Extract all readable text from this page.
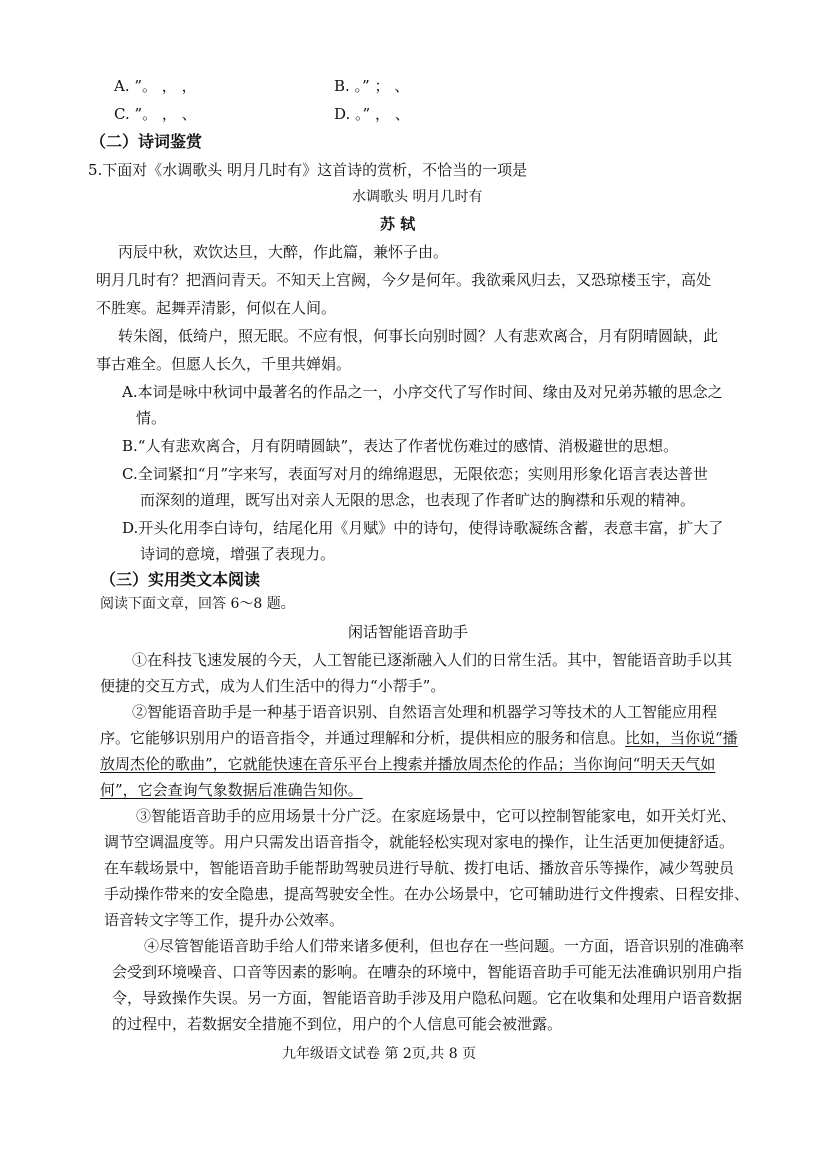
A. ”。 ， ，	B. 。” ； 、
C. ”。 ， 、	D. 。” ， 、
（二）诗词鉴赏
5.下面对《水调歌头 明月几时有》这首诗的赏析，不恰当的一项是
水调歌头 明月几时有
苏 轼
丙辰中秋，欢饮达旦，大醉，作此篇，兼怀子由。
明月几时有？把酒问青天。不知天上宫阙，今夕是何年。我欲乘风归去，又恐琼楼玉宇，高处
不胜寒。起舞弄清影，何似在人间。
转朱阁，低绮户，照无眠。不应有恨，何事长向别时圆？人有悲欢离合，月有阴晴圆缺，此
事古难全。但愿人长久，千里共婵娟。
A.本词是咏中秋词中最著名的作品之一，小序交代了写作时间、缘由及对兄弟苏辙的思念之
情。
B.“人有悲欢离合，月有阴晴圆缺”，表达了作者忧伤难过的感情、消极避世的思想。
C.全词紧扣“月”字来写，表面写对月的绵绵遐思，无限依恋；实则用形象化语言表达普世
而深刻的道理，既写出对亲人无限的思念，也表现了作者旷达的胸襟和乐观的精神。
D.开头化用李白诗句，结尾化用《月赋》中的诗句，使得诗歌凝练含蓄，表意丰富，扩大了
诗词的意境，增强了表现力。
（三）实用类文本阅读
阅读下面文章，回答 6～8 题。
闲话智能语音助手
①在科技飞速发展的今天，人工智能已逐渐融入人们的日常生活。其中，智能语音助手以其
便捷的交互方式，成为人们生活中的得力“小帮手”。
②智能语音助手是一种基于语音识别、自然语言处理和机器学习等技术的人工智能应用程
序。它能够识别用户的语音指令，并通过理解和分析，提供相应的服务和信息。比如，当你说“播
放周杰伦的歌曲”，它就能快速在音乐平台上搜索并播放周杰伦的作品；当你询问“明天天气如
何”，它会查询气象数据后准确告知你。
③智能语音助手的应用场景十分广泛。在家庭场景中，它可以控制智能家电，如开关灯光、
调节空调温度等。用户只需发出语音指令，就能轻松实现对家电的操作，让生活更加便捷舒适。
在车载场景中，智能语音助手能帮助驾驶员进行导航、拨打电话、播放音乐等操作，减少驾驶员
手动操作带来的安全隐患，提高驾驶安全性。在办公场景中，它可辅助进行文件搜索、日程安排、
语音转文字等工作，提升办公效率。
④尽管智能语音助手给人们带来诸多便利，但也存在一些问题。一方面，语音识别的准确率
会受到环境噪音、口音等因素的影响。在嘈杂的环境中，智能语音助手可能无法准确识别用户指
令，导致操作失误。另一方面，智能语音助手涉及用户隐私问题。它在收集和处理用户语音数据
的过程中，若数据安全措施不到位，用户的个人信息可能会被泄露。
九年级语文试卷 第 2页,共 8 页
